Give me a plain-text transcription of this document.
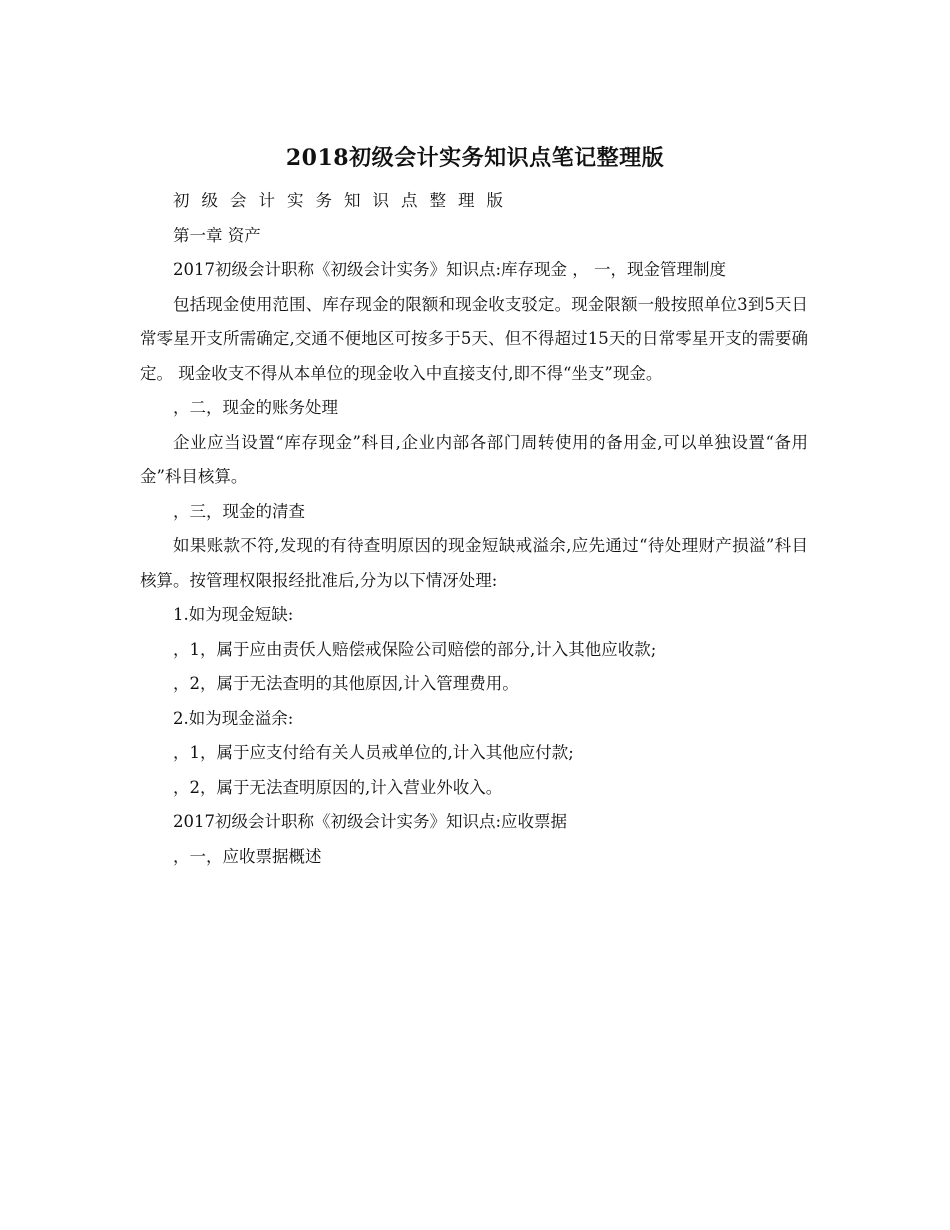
2018初级会计实务知识点笔记整理版

初级会计实务知识点整理版

第一章 资产

2017初级会计职称《初级会计实务》知识点:库存现金 ， 一，现金管理制度

包括现金使用范围、库存现金的限额和现金收支驳定。现金限额一般按照单位3到5天日常零星开支所需确定,交通不便地区可按多于5天、但不得超过15天的日常零星开支的需要确定。 现金收支不得从本单位的现金收入中直接支付,即不得“坐支”现金。

，二，现金的账务处理

企业应当设置“库存现金”科目,企业内部各部门周转使用的备用金,可以单独设置“备用金”科目核算。

，三，现金的清查

如果账款不符,发现的有待查明原因的现金短缺戒溢余,应先通过“待处理财产损溢”科目核算。按管理权限报经批准后,分为以下情冴处理:

1.如为现金短缺:

，1，属于应由责仸人赔偿戒保险公司赔偿的部分,计入其他应收款;

，2，属于无法查明的其他原因,计入管理费用。

2.如为现金溢余:

，1，属于应支付给有关人员戒单位的,计入其他应付款;

，2，属于无法查明原因的,计入营业外收入。

2017初级会计职称《初级会计实务》知识点:应收票据

，一，应收票据概述
